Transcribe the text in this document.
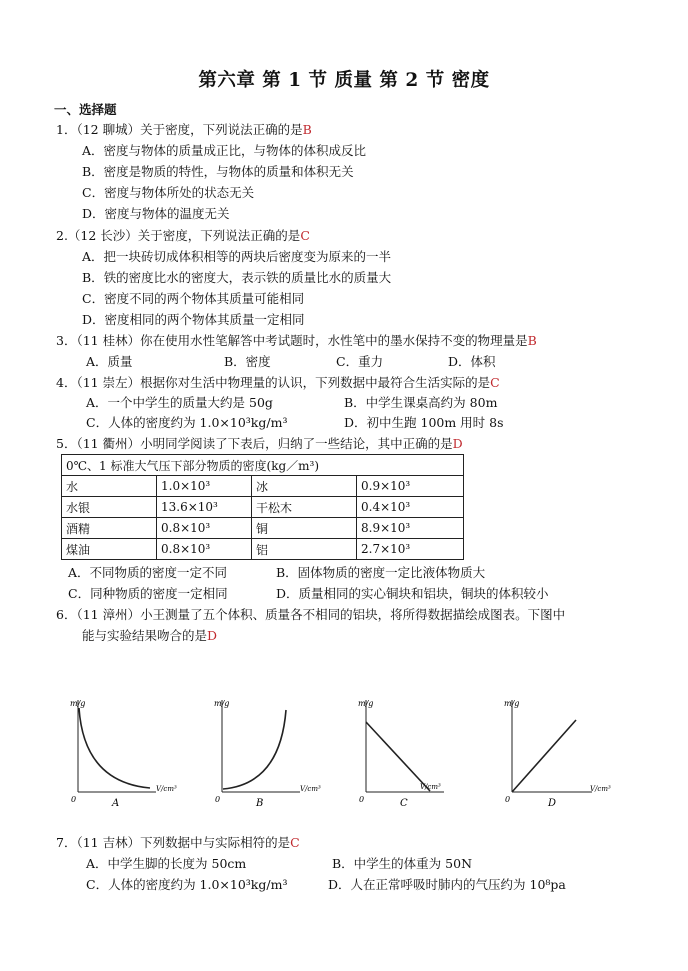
第六章 第 1 节 质量 第 2 节 密度
一、选择题
1．（12 聊城）关于密度，下列说法正确的是B
A．密度与物体的质量成正比，与物体的体积成反比
B．密度是物质的特性，与物体的质量和体积无关
C．密度与物体所处的状态无关
D．密度与物体的温度无关
2.（12 长沙）关于密度，下列说法正确的是C
A．把一块砖切成体积相等的两块后密度变为原来的一半
B．铁的密度比水的密度大，表示铁的质量比水的质量大
C．密度不同的两个物体其质量可能相同
D．密度相同的两个物体其质量一定相同
3．（11 桂林）你在使用水性笔解答中考试题时，水性笔中的墨水保持不变的物理量是B
A．质量	B．密度	C．重力	D．体积
4．（11 崇左）根据你对生活中物理量的认识，下列数据中最符合生活实际的是C
A．一个中学生的质量大约是 50g	B．中学生课桌高约为 80m
C．人体的密度约为 1.0×10³kg/m³	D．初中生跑 100m 用时 8s
5．（11 衢州）小明同学阅读了下表后，归纳了一些结论，其中正确的是D
0℃、1 标准大气压下部分物质的密度(kg／m³)			
水	1.0×10³	冰	0.9×10³
水银	13.6×10³	干松木	0.4×10³
酒精	0.8×10³	铜	8.9×10³
煤油	0.8×10³	铝	2.7×10³
A．不同物质的密度一定不同	B．固体物质的密度一定比液体物质大
C．同种物质的密度一定相同	D．质量相同的实心铜块和铝块，铜块的体积较小
6．（11 漳州）小王测量了五个体积、质量各不相同的铝块，将所得数据描绘成图表。下图中
能与实验结果吻合的是D
m/g
V/cm³
0	A
m/g
V/cm³
0	B
m/g
V/cm³
0	C
m/g
V/cm³
0	D
7．（11 吉林）下列数据中与实际相符的是C
A．中学生脚的长度为 50cm	B．中学生的体重为 50N
C．人体的密度约为 1.0×10³kg/m³	D．人在正常呼吸时肺内的气压约为 10⁸pa
